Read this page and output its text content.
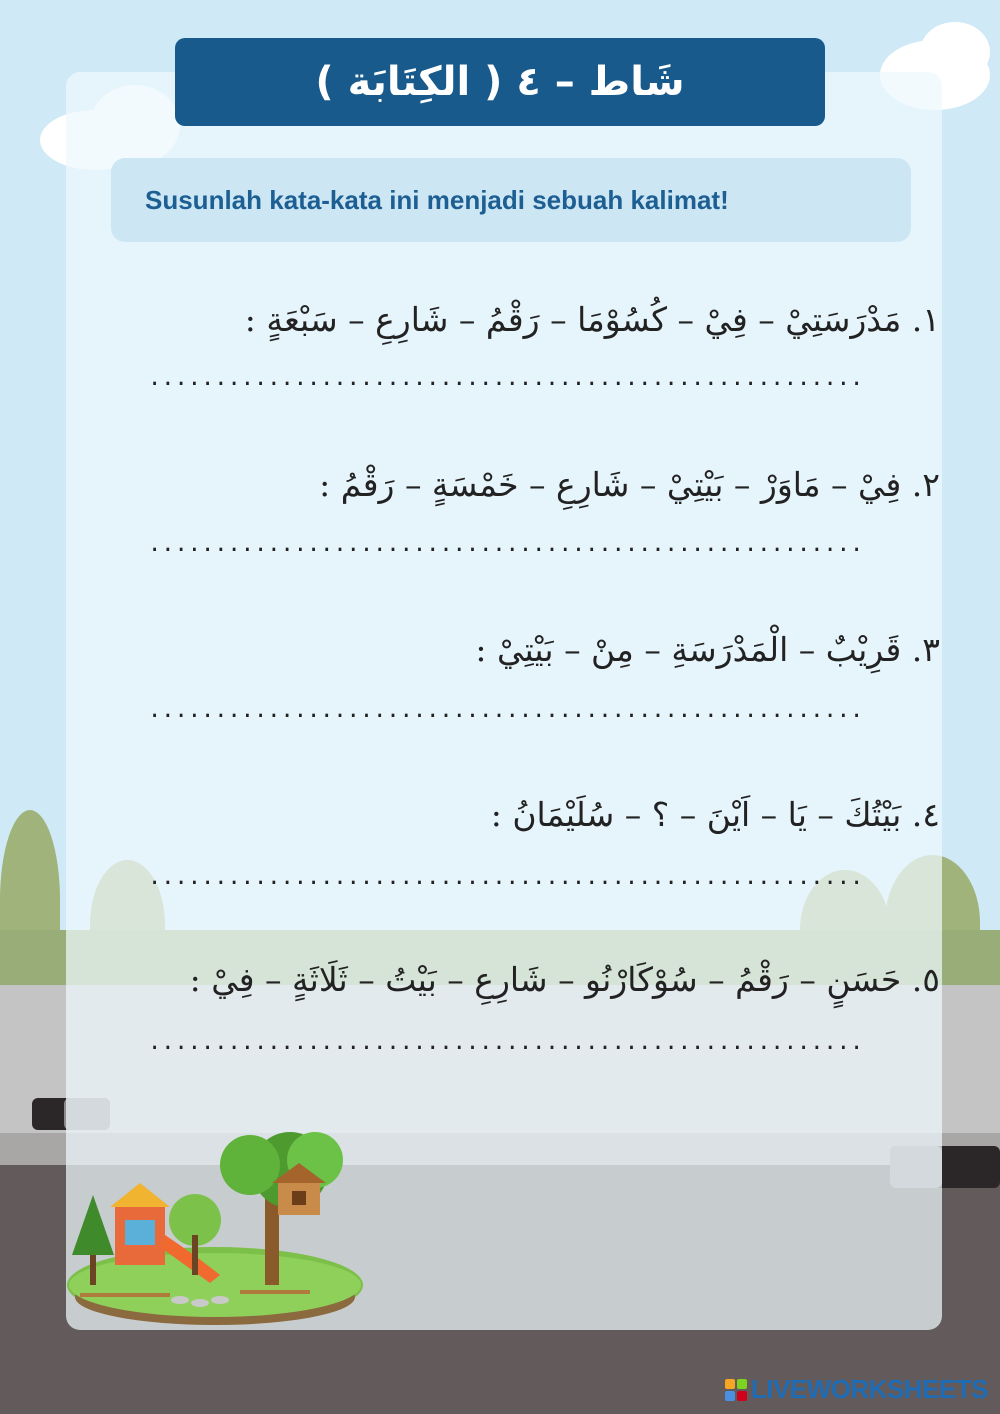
شَاط – ٤ ( الكِتَابَة )
Susunlah kata-kata ini menjadi sebuah kalimat!
١. مَدْرَسَتِيْ – فِيْ – كُسُوْمَا – رَقْمُ – شَارِعِ – سَبْعَةٍ :
.....
٢. فِيْ – مَاوَرْ – بَيْتِيْ – شَارِعِ – خَمْسَةٍ – رَقْمُ :
.....
٣. قَرِيْبٌ – الْمَدْرَسَةِ – مِنْ – بَيْتِيْ :
.....
٤. بَيْتُكَ – يَا – اَيْنَ – ؟ – سُلَيْمَانُ :
.....
٥. حَسَنٍ – رَقْمُ – سُوْكَارْنُو – شَارِعِ – بَيْتُ – ثَلَاثَةٍ – فِيْ :
.....
LIVEWORKSHEETS
